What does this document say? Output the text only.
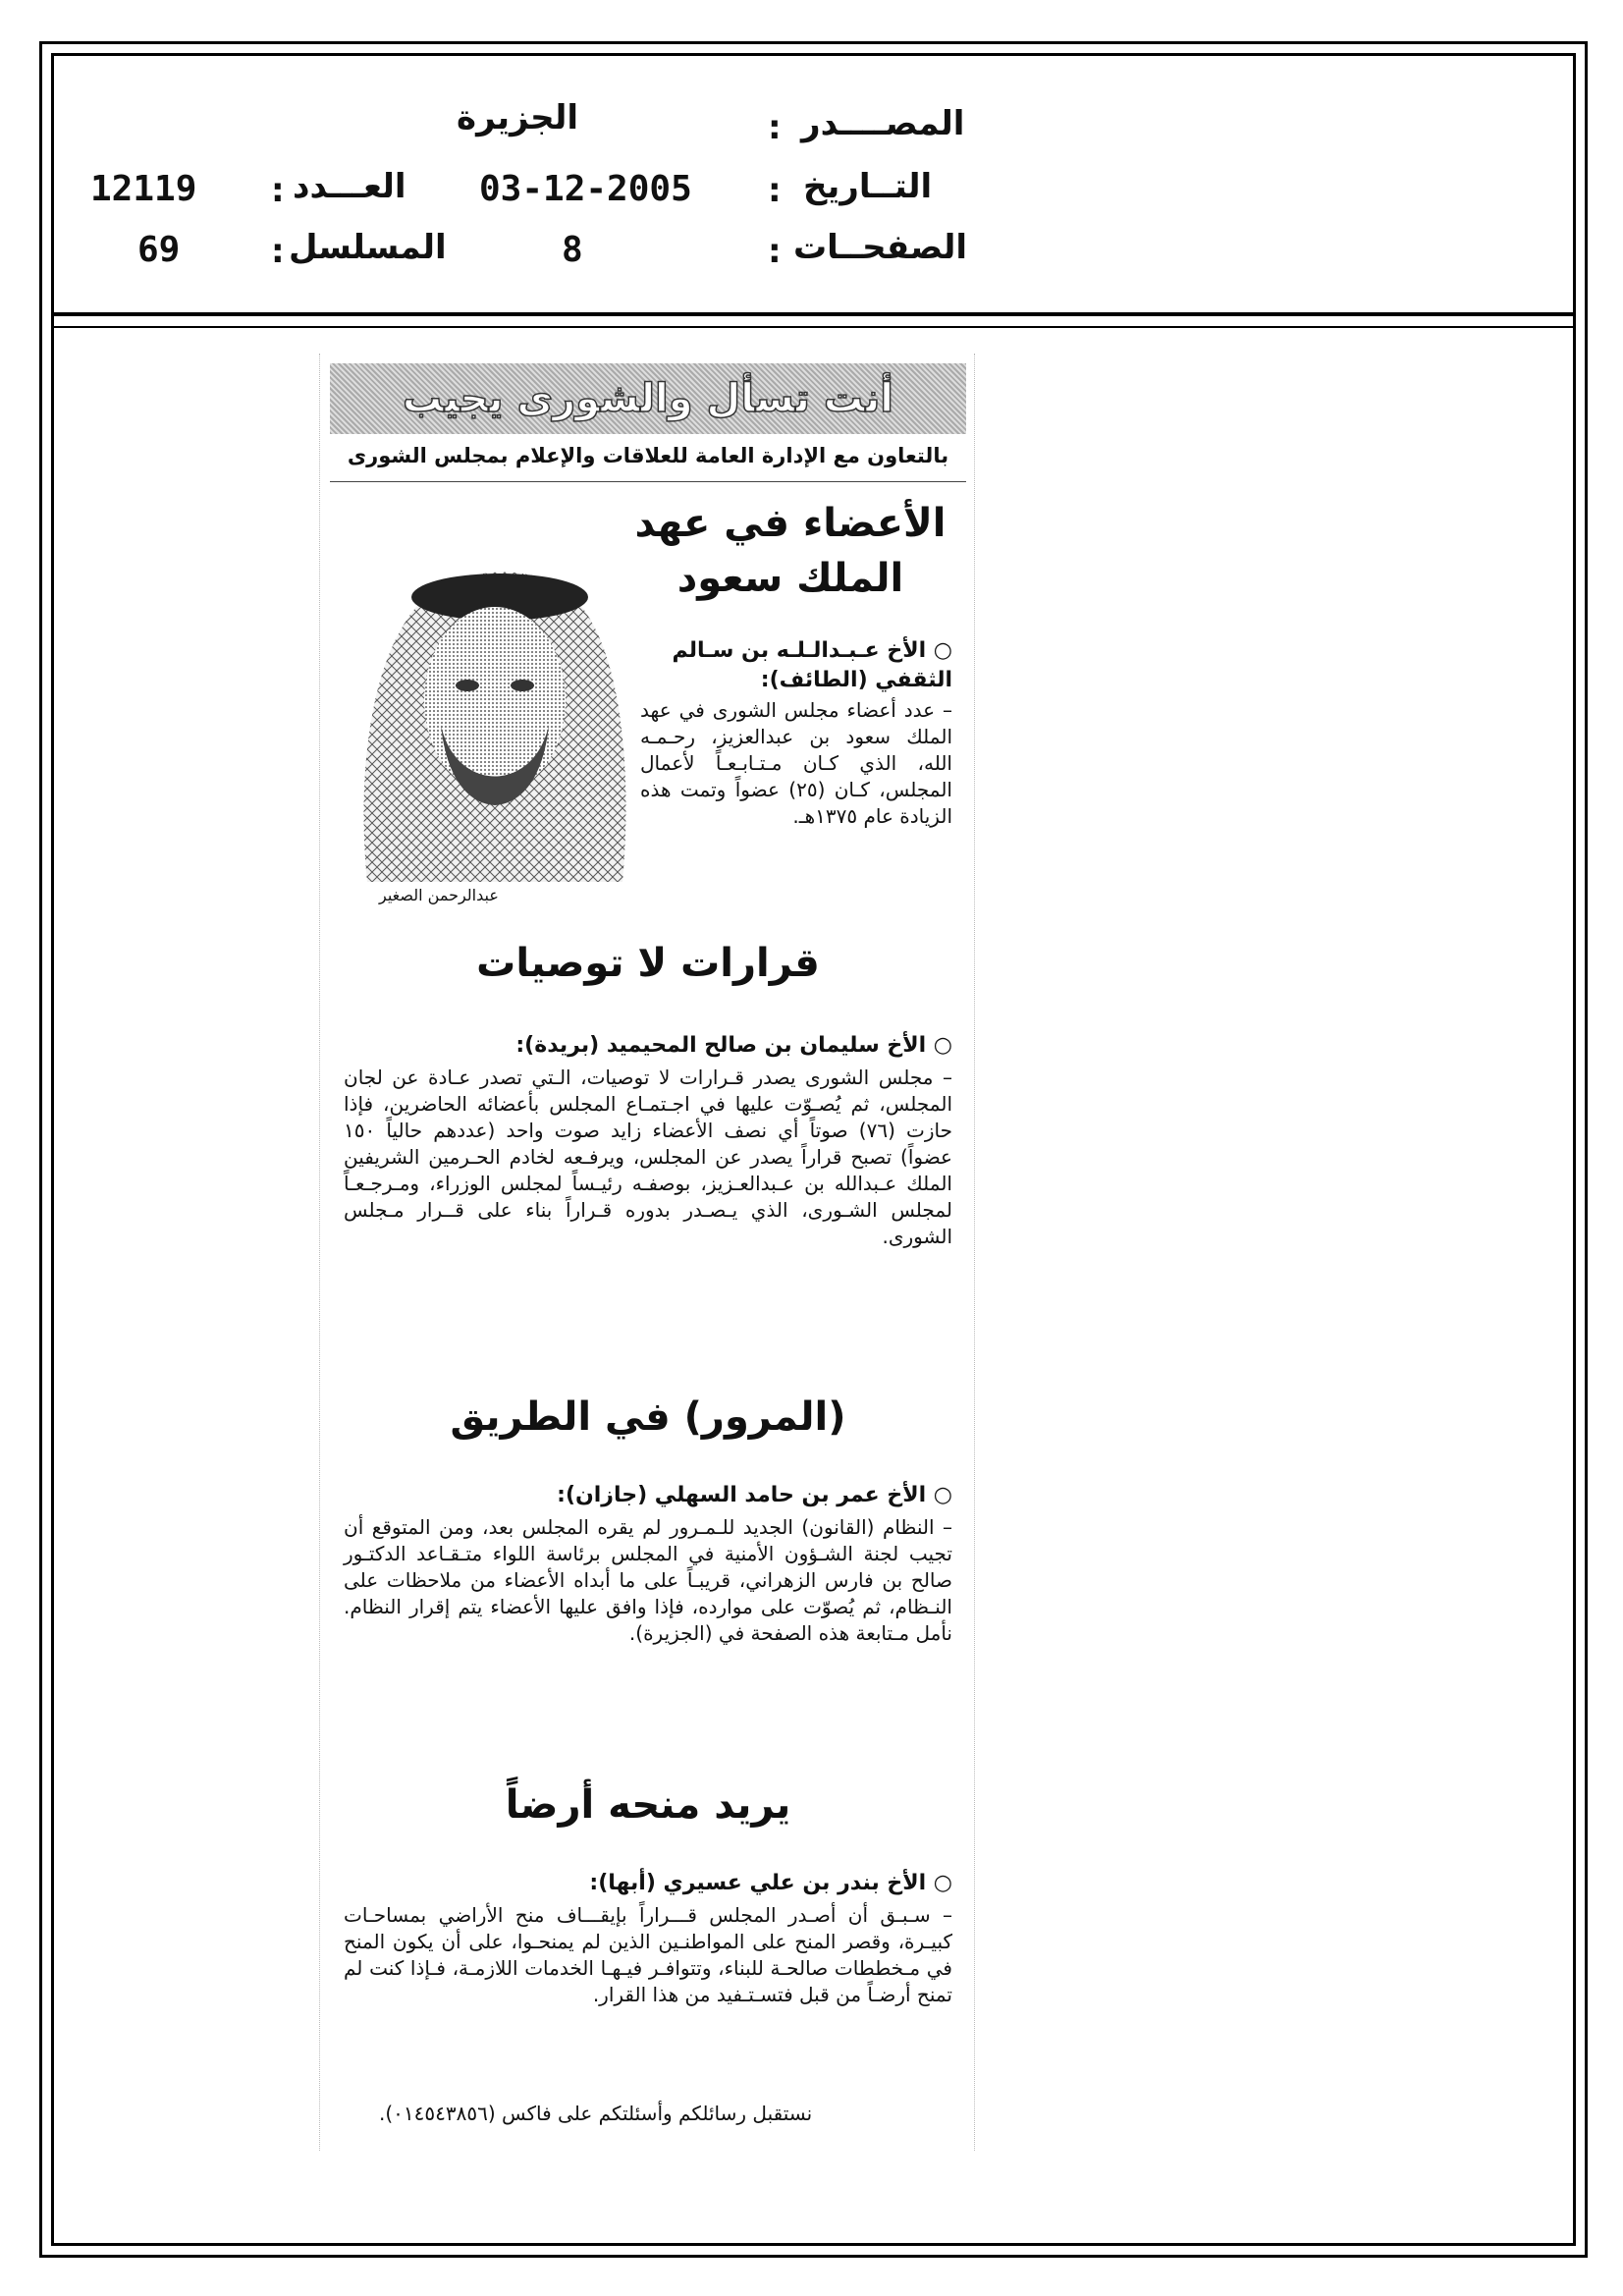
المصــــدر
:
الجزيرة
التــاريخ
:
03-12-2005
العـــدد
:
12119
الصفحــات
:
8
المسلسل
:
69
أنت تسأل والشورى يجيب
بالتعاون مع الإدارة العامة للعلاقات والإعلام بمجلس الشورى
الأعضاء في عهد
الملك سعود
○ الأخ عـبـدالـلـه بن سـالم
الثقفي (الطائف):
– عدد أعضاء مجلس الشورى في عهد الملك سعود بن عبدالعزيز، رحـمـه الله، الذي كـان مـتـابـعـاً لأعمال المجلس، كـان (٢٥) عضواً وتمت هذه الزيادة عام ١٣٧٥هـ.
عبدالرحمن الصغير
قرارات لا توصيات
○ الأخ سليمان بن صالح المحيميد (بريدة):
– مجلس الشورى يصدر قـرارات لا توصيات، الـتي تصدر عـادة عن لجان المجلس، ثم يُصـوّت عليها في اجـتمـاع المجلس بأعضائه الحاضرين، فإذا حازت (٧٦) صوتاً أي نصف الأعضاء زايد صوت واحد (عددهم حالياً ١٥٠ عضواً) تصبح قراراً يصدر عن المجلس، ويرفـعه لخادم الحـرمين الشريفين الملك عـبدالله بن عـبدالعـزيز، بوصفـه رئيـساً لمجلس الوزراء، ومـرجـعـاً لمجلس الشـورى، الذي يـصـدر بدوره قـراراً بناء على قــرار مـجلس الشورى.
(المرور) في الطريق
○ الأخ عمر بن حامد السهلي (جازان):
– النظام (القانون) الجديد للـمـرور لم يقره المجلس بعد، ومن المتوقع أن تجيب لجنة الشـؤون الأمنية في المجلس برئاسة اللواء متـقـاعد الدكتـور صالح بن فارس الزهراني، قريبـاً على ما أبداه الأعضاء من ملاحظات على النـظام، ثم يُصوّت على موارده، فإذا وافق عليها الأعضاء يتم إقرار النظام. نأمل مـتابعة هذه الصفحة في (الجزيرة).
يريد منحه أرضاً
○ الأخ بندر بن علي عسيري (أبها):
– سـبـق أن أصـدر المجلس قـــراراً بإيقـــاف منح الأراضي بمساحـات كبيـرة، وقصر المنح على المواطنـين الذين لم يمنحـوا، على أن يكون المنح في مـخططات صالحـة للبناء، وتتوافـر فيـهـا الخدمات اللازمـة، فـإذا كنت لم تمنح أرضـاً من قبل فتسـتـفيد من هذا القرار.
نستقبل رسائلكم وأسئلتكم على فاكس (٠١٤٥٤٣٨٥٦).
